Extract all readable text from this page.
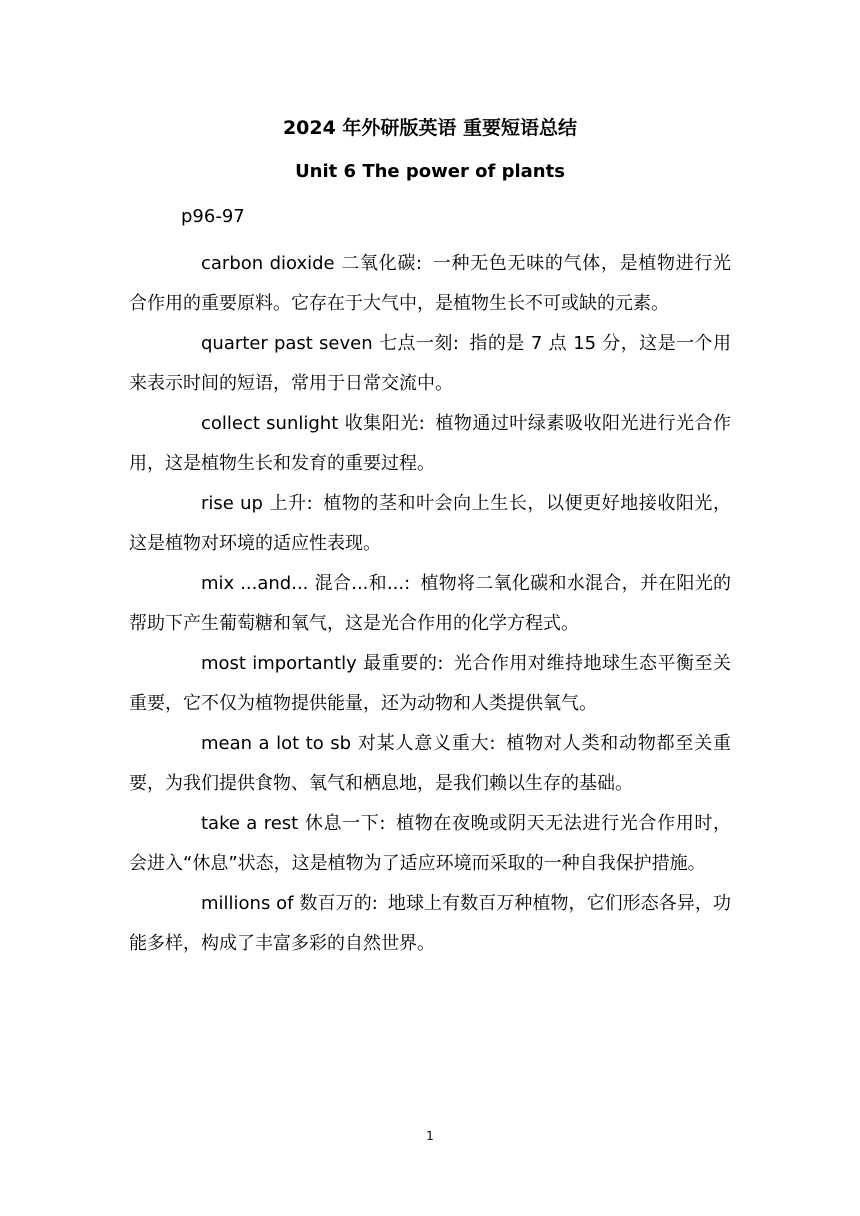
2024 年外研版英语 重要短语总结
Unit 6 The power of plants
p96-97

carbon dioxide 二氧化碳: 一种无色无味的气体，是植物进行光合作用的重要原料。它存在于大气中，是植物生长不可或缺的元素。

quarter past seven 七点一刻: 指的是 7 点 15 分，这是一个用来表示时间的短语，常用于日常交流中。

collect sunlight 收集阳光: 植物通过叶绿素吸收阳光进行光合作用，这是植物生长和发育的重要过程。

rise up 上升: 植物的茎和叶会向上生长，以便更好地接收阳光，这是植物对环境的适应性表现。

mix ...and... 混合...和...: 植物将二氧化碳和水混合，并在阳光的帮助下产生葡萄糖和氧气，这是光合作用的化学方程式。

most importantly 最重要的: 光合作用对维持地球生态平衡至关重要，它不仅为植物提供能量，还为动物和人类提供氧气。

mean a lot to sb 对某人意义重大: 植物对人类和动物都至关重要，为我们提供食物、氧气和栖息地，是我们赖以生存的基础。

take a rest 休息一下: 植物在夜晚或阴天无法进行光合作用时，会进入“休息”状态，这是植物为了适应环境而采取的一种自我保护措施。

millions of 数百万的: 地球上有数百万种植物，它们形态各异，功能多样，构成了丰富多彩的自然世界。

1
